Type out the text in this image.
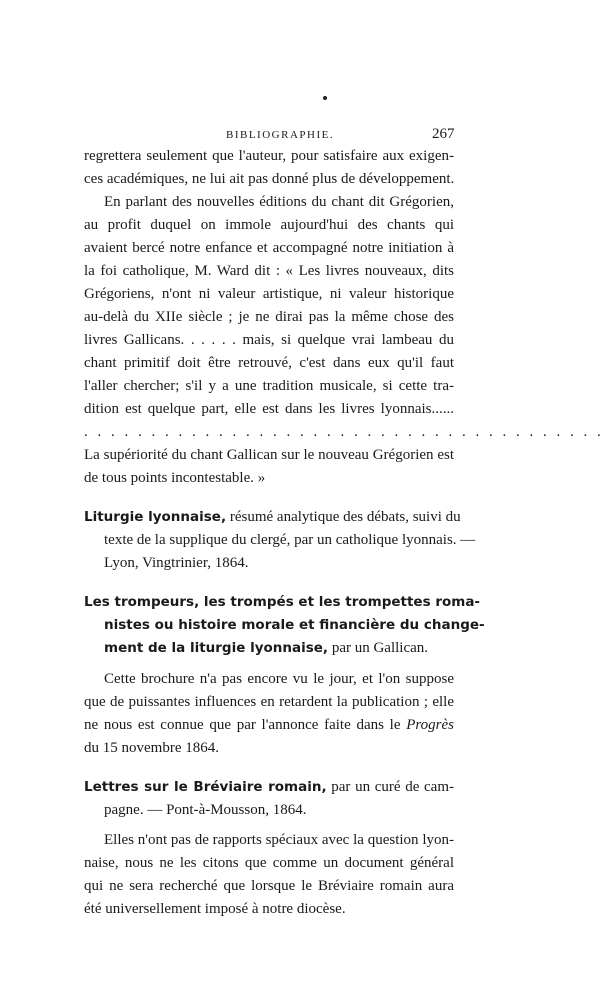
BIBLIOGRAPHIE.	267
regrettera seulement que l'auteur, pour satisfaire aux exigen-
ces académiques, ne lui ait pas donné plus de développement.
En parlant des nouvelles éditions du chant dit Grégorien,
au profit duquel on immole aujourd'hui des chants qui
avaient bercé notre enfance et accompagné notre initiation à
la foi catholique, M. Ward dit : « Les livres nouveaux, dits
Grégoriens, n'ont ni valeur artistique, ni valeur historique
au-delà du XIIe siècle ; je ne dirai pas la même chose des
livres Gallicans. . . . . . mais, si quelque vrai lambeau du
chant primitif doit être retrouvé, c'est dans eux qu'il faut
l'aller chercher; s'il y a une tradition musicale, si cette tra-
dition est quelque part, elle est dans les livres lyonnais......
. . . . . . . . . . . . . . . . . . . . . . . . . . . . . . . . . . . . . . .
La supériorité du chant Gallican sur le nouveau Grégorien est
de tous points incontestable. »
Liturgie lyonnaise, résumé analytique des débats, suivi du
texte de la supplique du clergé, par un catholique lyonnais. —
Lyon, Vingtrinier, 1864.
Les trompeurs, les trompés et les trompettes roma-
nistes ou histoire morale et financière du change-
ment de la liturgie lyonnaise, par un Gallican.
Cette brochure n'a pas encore vu le jour, et l'on suppose
que de puissantes influences en retardent la publication ; elle
ne nous est connue que par l'annonce faite dans le Progrès
du 15 novembre 1864.
Lettres sur le Bréviaire romain, par un curé de cam-
pagne. — Pont-à-Mousson, 1864.
Elles n'ont pas de rapports spéciaux avec la question lyon-
naise, nous ne les citons que comme un document général
qui ne sera recherché que lorsque le Bréviaire romain aura
été universellement imposé à notre diocèse.
